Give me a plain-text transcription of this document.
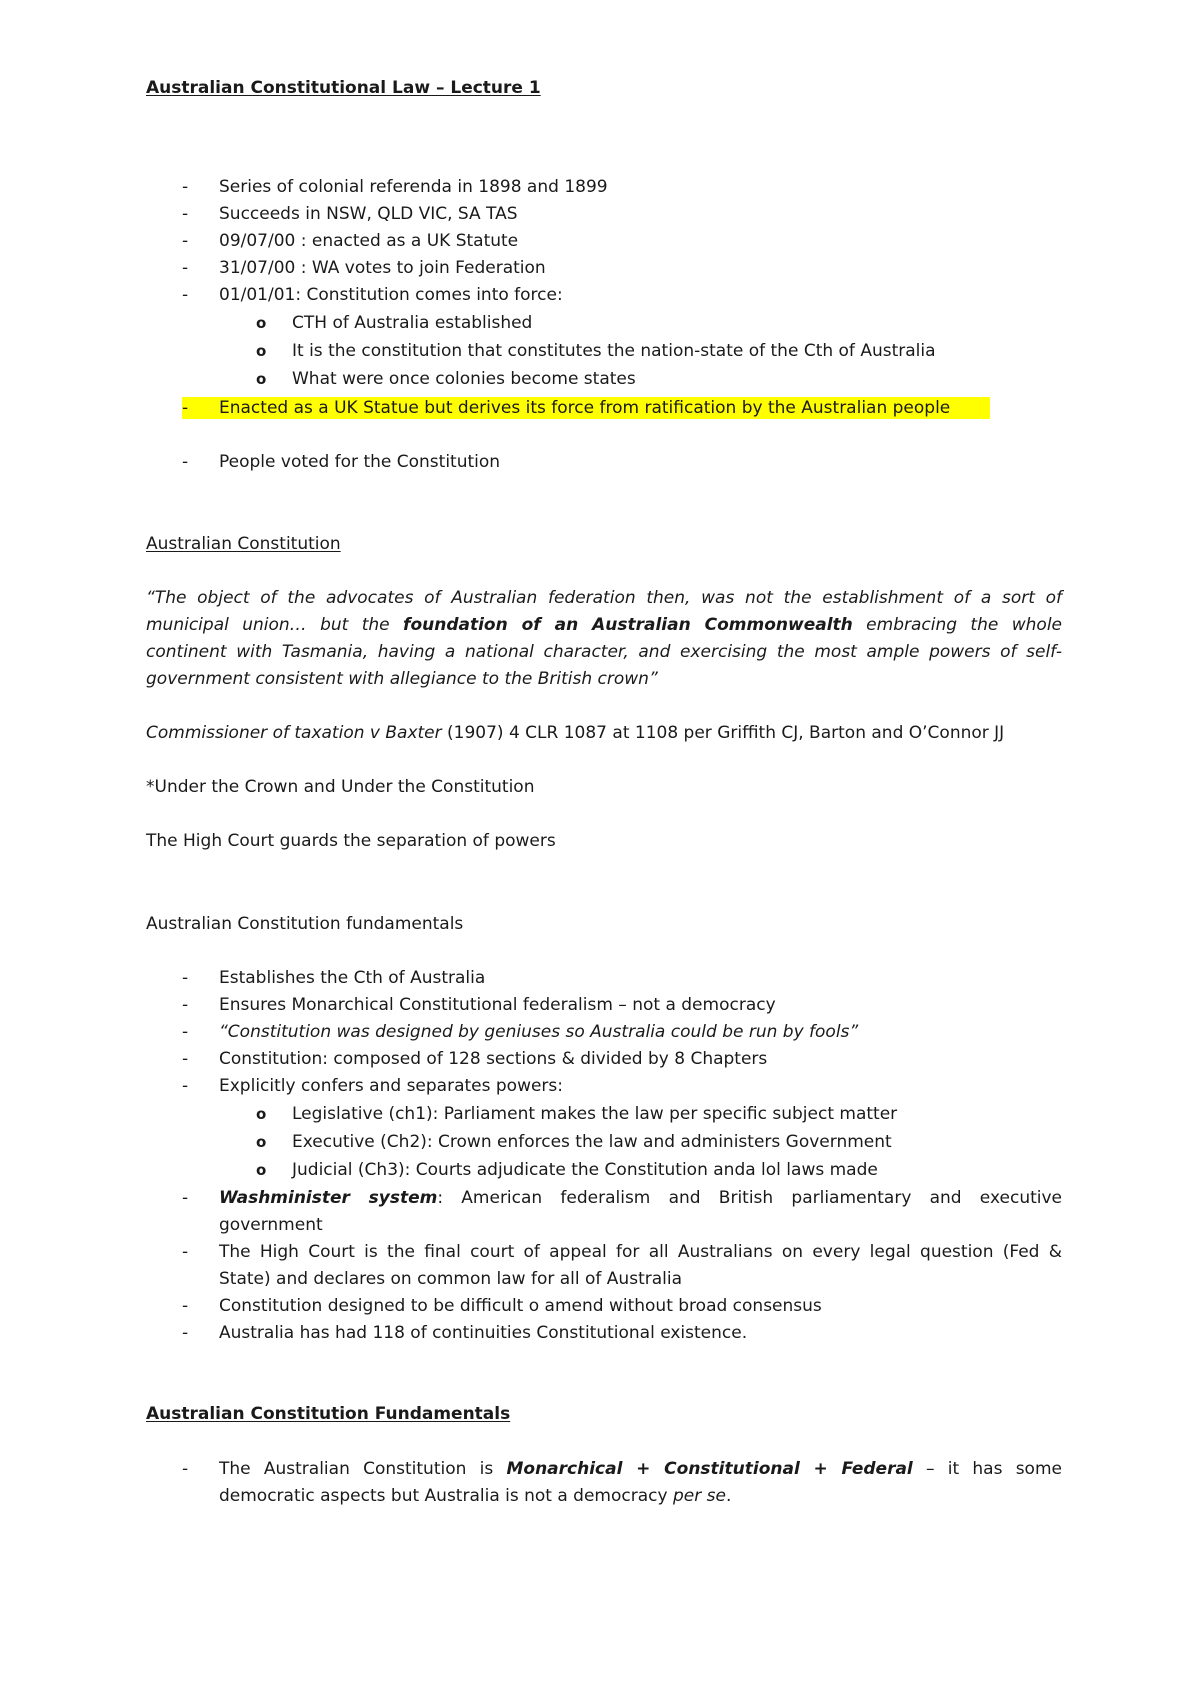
Australian Constitutional Law – Lecture 1
-	Series of colonial referenda in 1898 and 1899
-	Succeeds in NSW, QLD VIC, SA TAS
-	09/07/00 : enacted as a UK Statute
-	31/07/00 : WA votes to join Federation
-	01/01/01: Constitution comes into force:
o CTH of Australia established
o It is the constitution that constitutes the nation-state of the Cth of Australia
o What were once colonies become states
- Enacted as a UK Statue but derives its force from ratification by the Australian people
-	People voted for the Constitution
Australian Constitution
“The object of the advocates of Australian federation then, was not the establishment of a sort of
municipal union… but the foundation of an Australian Commonwealth embracing the whole
continent with Tasmania, having a national character, and exercising the most ample powers of self-
government consistent with allegiance to the British crown”
Commissioner of taxation v Baxter (1907) 4 CLR 1087 at 1108 per Griffith CJ, Barton and O’Connor JJ
*Under the Crown and Under the Constitution
The High Court guards the separation of powers
Australian Constitution fundamentals
-	Establishes the Cth of Australia
-	Ensures Monarchical Constitutional federalism – not a democracy
-	“Constitution was designed by geniuses so Australia could be run by fools”
-	Constitution: composed of 128 sections & divided by 8 Chapters
-	Explicitly confers and separates powers:
o Legislative (ch1): Parliament makes the law per specific subject matter
o Executive (Ch2): Crown enforces the law and administers Government
o Judicial (Ch3): Courts adjudicate the Constitution anda lol laws made
-	Washminister system: American federalism and British parliamentary and executive
government
-	The High Court is the final court of appeal for all Australians on every legal question (Fed &
State) and declares on common law for all of Australia
-	Constitution designed to be difficult o amend without broad consensus
-	Australia has had 118 of continuities Constitutional existence.
Australian Constitution Fundamentals
-	The Australian Constitution is Monarchical + Constitutional + Federal – it has some
democratic aspects but Australia is not a democracy per se.
